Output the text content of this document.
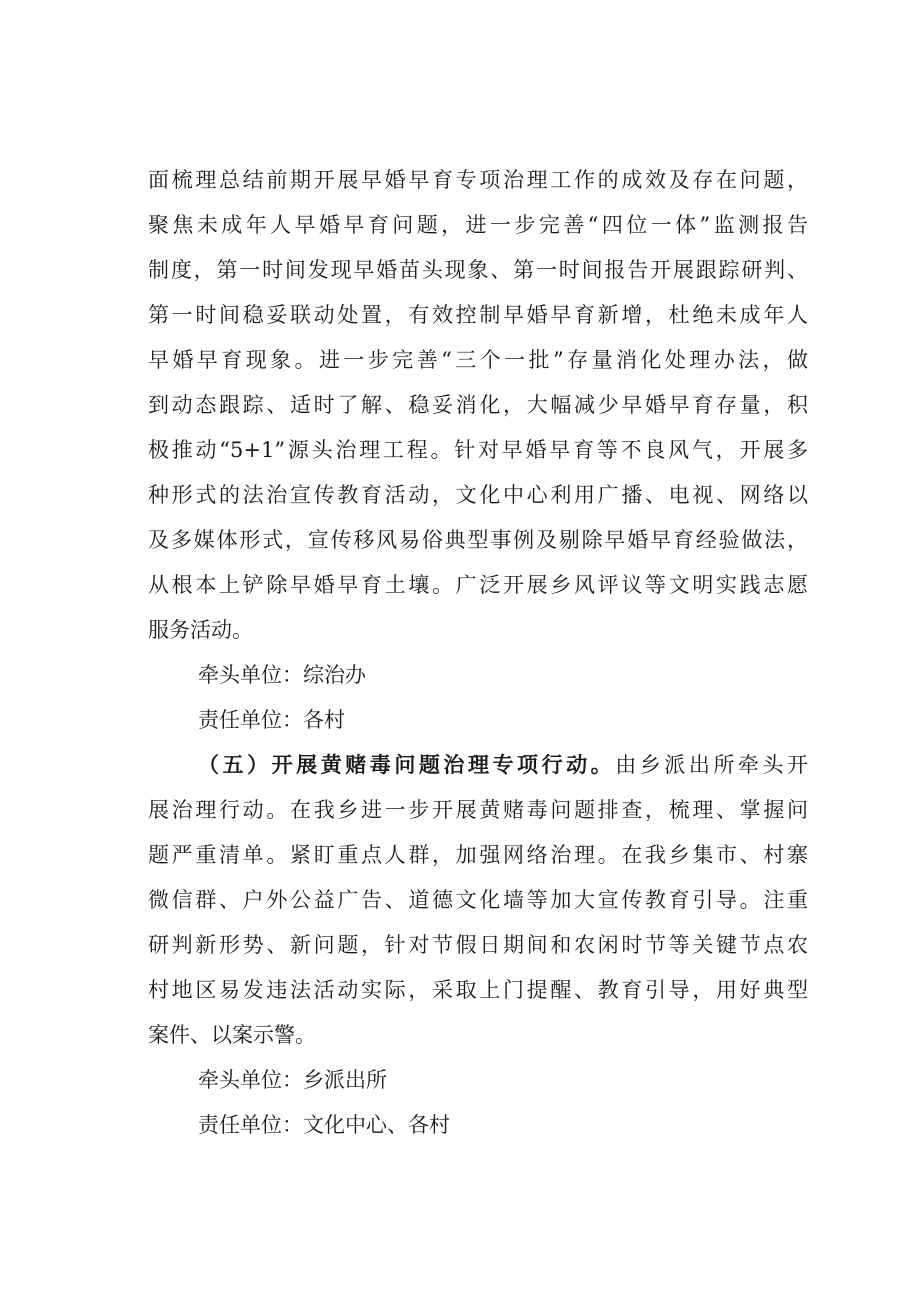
面梳理总结前期开展早婚早育专项治理工作的成效及存在问题，
聚焦未成年人早婚早育问题，进一步完善“四位一体”监测报告
制度，第一时间发现早婚苗头现象、第一时间报告开展跟踪研判、
第一时间稳妥联动处置，有效控制早婚早育新增，杜绝未成年人
早婚早育现象。进一步完善“三个一批”存量消化处理办法，做
到动态跟踪、适时了解、稳妥消化，大幅减少早婚早育存量，积
极推动“5+1”源头治理工程。针对早婚早育等不良风气，开展多
种形式的法治宣传教育活动，文化中心利用广播、电视、网络以
及多媒体形式，宣传移风易俗典型事例及剔除早婚早育经验做法，
从根本上铲除早婚早育土壤。广泛开展乡风评议等文明实践志愿
服务活动。
牵头单位：综治办
责任单位：各村
（五）开展黄赌毒问题治理专项行动。由乡派出所牵头开
展治理行动。在我乡进一步开展黄赌毒问题排查，梳理、掌握问
题严重清单。紧盯重点人群，加强网络治理。在我乡集市、村寨
微信群、户外公益广告、道德文化墙等加大宣传教育引导。注重
研判新形势、新问题，针对节假日期间和农闲时节等关键节点农
村地区易发违法活动实际，采取上门提醒、教育引导，用好典型
案件、以案示警。
牵头单位：乡派出所
责任单位：文化中心、各村
